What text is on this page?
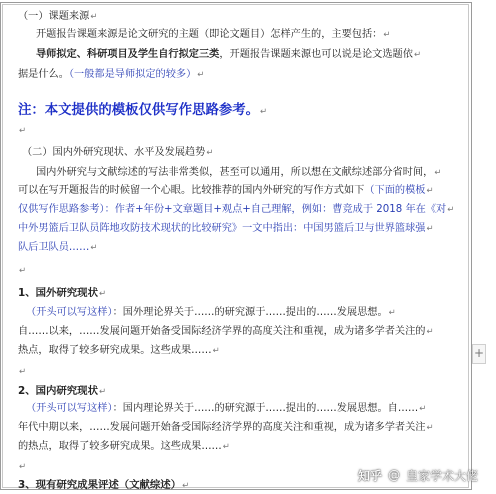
（一）课题来源↵
开题报告课题来源是论文研究的主题（即论文题目）怎样产生的，主要包括：↵
导师拟定、科研项目及学生自行拟定三类，开题报告课题来源也可以说是论文选题依↵
据是什么。（一般都是导师拟定的较多）↵
注：本文提供的模板仅供写作思路参考。↵
↵
（二）国内外研究现状、水平及发展趋势↵
国内外研究与文献综述的写法非常类似，甚至可以通用，所以想在文献综述部分省时间，↵
可以在写开题报告的时候留一个心眼。比较推荐的国内外研究的写作方式如下（下面的模板↵
仅供写作思路参考）：作者+年份+文章题目+观点+自己理解，例如：曹竞成于 2018 年在《对↵
中外男篮后卫队员阵地攻防技术现状的比较研究》一文中指出：中国男篮后卫与世界篮球强↵
队后卫队员……↵
↵
1、国外研究现状↵
（开头可以写这样）：国外理论界关于……的研究源于……提出的……发展思想。↵
自……以来，……发展问题开始备受国际经济学界的高度关注和重视，成为诸多学者关注的↵
热点，取得了较多研究成果。这些成果……↵
↵
2、国内研究现状↵
（开头可以写这样）：国内理论界关于……的研究源于……提出的……发展思想。自……↵
年代中期以来，……发展问题开始备受国际经济学界的高度关注和重视，成为诸多学者关注↵
的热点，取得了较多研究成果。这些成果……↵
↵
3、现有研究成果评述（文献综述）↵
+
知乎 @ 皇家学术大佬
